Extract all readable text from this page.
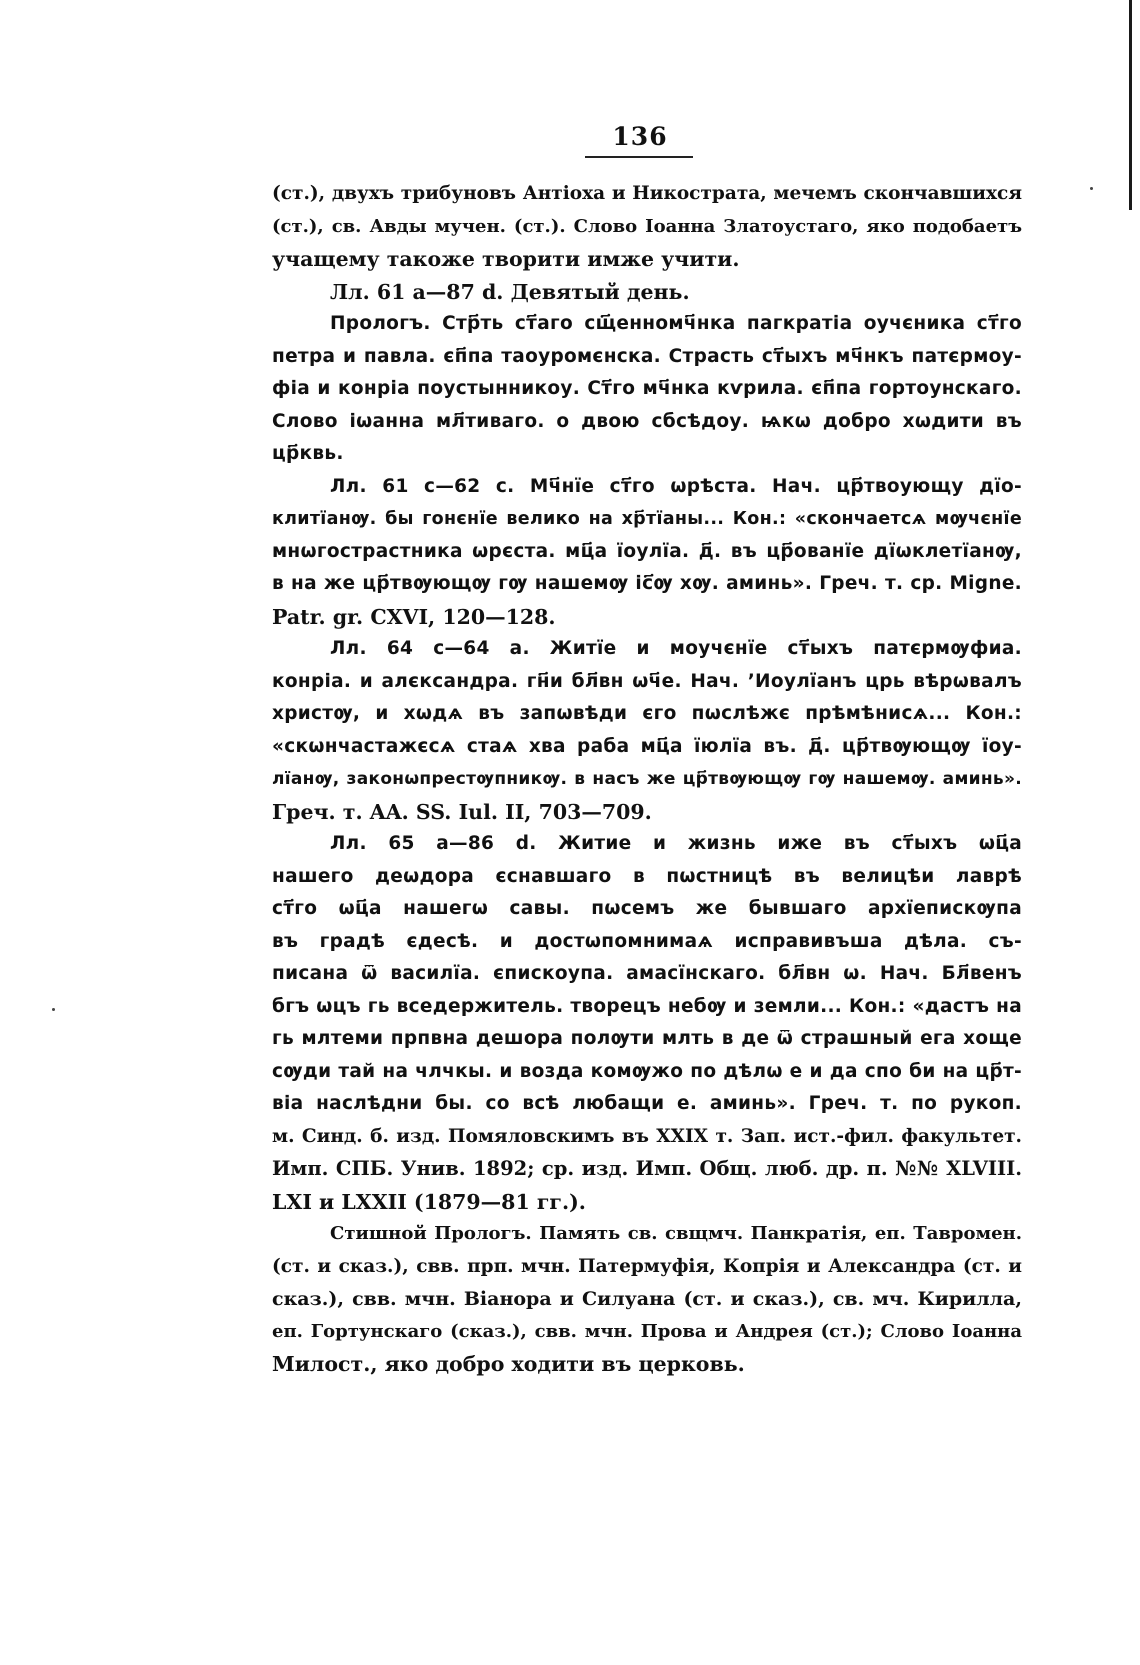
136
(ст.), двухъ трибуновъ Антіоха и Никострата, мечемъ скончавшихся
(ст.), св. Авды мучен. (ст.). Слово Іоанна Златоустаго, яко подобаетъ
учащему такоже творити имже учити.
Лл. 61 a—87 d. Девятый день.
Прологъ. Стр҃ть ст҃аго сщ҃енномч҃нка пагкратіа оучєника ст҃го
петра и павла. єп҃па таоуромєнска. Страсть ст҃ыхъ мч҃нкъ патєрмоу-
фіа и конріа поустынникоу. Ст҃го мч҃нка кѵрила. єп҃па гортоунскаго.
Слово іѡанна мл҃тиваго. о двою сбсѣдоу. ѩкѡ добро хѡдити въ
цр҃квь.
Лл. 61 c—62 c. Мч҃нїе ст҃го ѡрѣста. Нач. цр҃твоующу дїо-
клитїанѹ. бы гонєнїе велико на хр҃тїаны... Кон.: «скончаетсѧ мѹчєнїе
мнѡгострастника ѡрєста. мц҃а їоулїа. д҃. въ цр҃ованїе дїѡклетїанѹ,
в на же цр҃твѹющѹ гѹ нашемѹ іс҃ѹ хѹ. аминь». Греч. т. ср. Migne.
Patr. gr. CXVI, 120—128.
Лл. 64 c—64 a. Житїе и моучєнїе ст҃ыхъ патєрмѹфиа.
конріа. и алєксандра. гн҃и бл҃вн ѡч҃е. Нач. ’Иоулїанъ црь вѣрѡвалъ
христѹ, и хѡдѧ въ запѡвѣди єго пѡслѣжє прѣмѣнисѧ... Кон.:
«скѡнчастажєсѧ стаѧ хва раба мц҃а їюлїа въ. д҃. цр҃твѹющѹ їоу-
лїанѹ, законѡпрестѹпникѹ. в насъ же цр҃твѹющѹ гѹ нашемѹ. аминь».
Греч. т. AA. SS. Iul. II, 703—709.
Лл. 65 a—86 d. Житие и жизнь иже въ ст҃ыхъ ѡц҃а
нашего деѡдора єснавшаго в пѡстницѣ въ велицѣи лаврѣ
ст҃го ѡц҃а нашегѡ савы. пѡсемъ же бывшаго архїепискѹпа
въ градѣ єдесѣ. и достѡпомнимаѧ исправивъша дѣла. съ-
писана ѿ василїа. єпискоупа. амасїнскаго. бл҃вн ѡ. Нач. Бл҃венъ
бгъ ѡцъ гь вседержитель. творецъ небѹ и земли... Кон.: «дастъ на
гь млтеми прпвна дешора полѹти млть в де ѿ страшный ега хоще
сѹди тай на члчкы. и возда комѹжо по дѣлѡ е и да спо би на цр҃т-
віа наслѣдни бы. со всѣ любащи е. аминь». Греч. т. по рукоп.
м. Синд. б. изд. Помяловскимъ въ XXIX т. Зап. ист.-фил. факультет.
Имп. СПБ. Унив. 1892; ср. изд. Имп. Общ. люб. др. п. №№ XLVIII.
LXI и LXXII (1879—81 гг.).
Стишной Прологъ. Память св. свщмч. Панкратія, еп. Тавромен.
(ст. и сказ.), свв. прп. мчн. Патермуфія, Копрія и Александра (ст. и
сказ.), свв. мчн. Віанора и Силуана (ст. и сказ.), св. мч. Кирилла,
еп. Гортунскаго (сказ.), свв. мчн. Прова и Андрея (ст.); Слово Іоанна
Милост., яко добро ходити въ церковь.
